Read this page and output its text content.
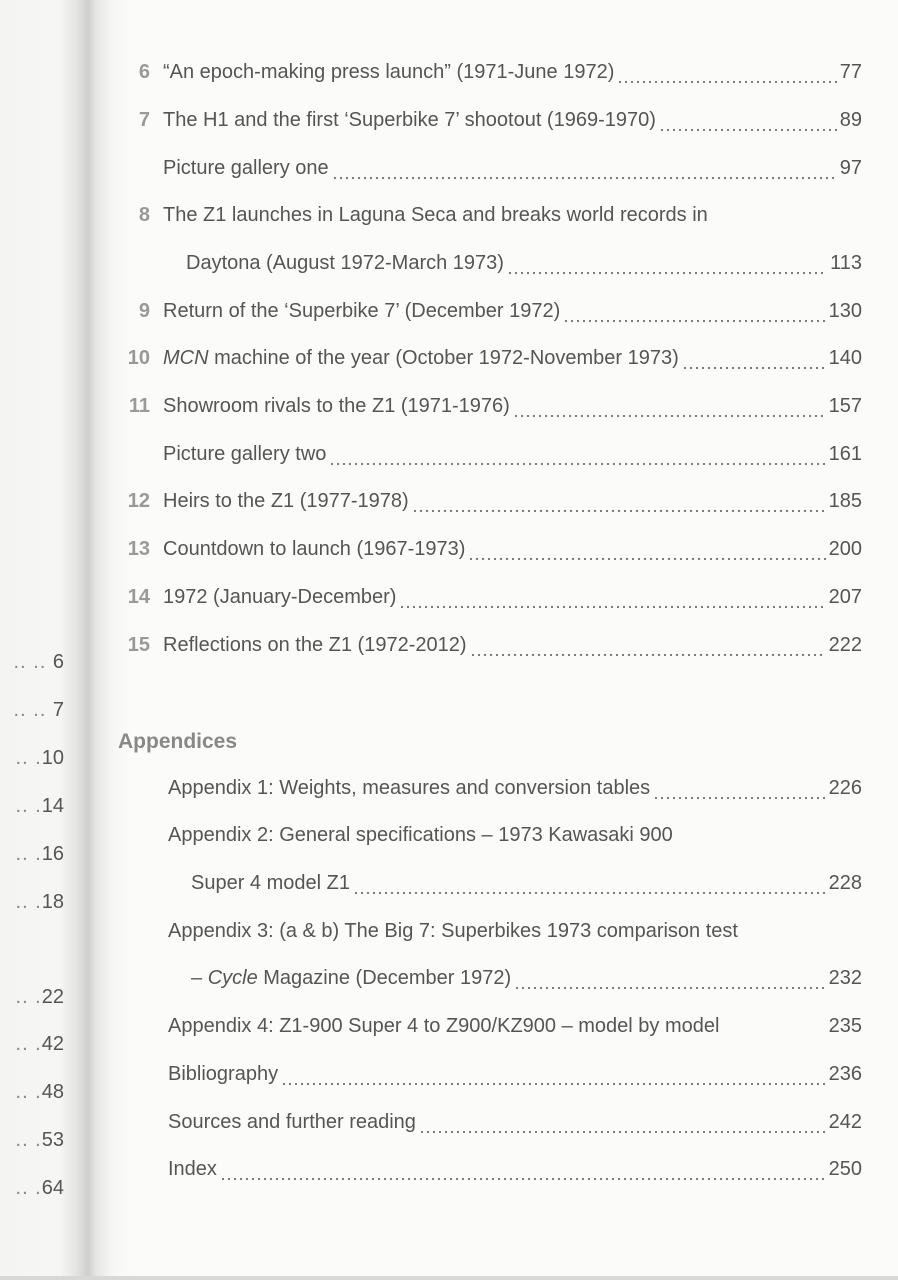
.. .. 6
.. .. 7
.. .10
.. .14
.. .16
.. .18
.. .22
.. .42
.. .48
.. .53
.. .64
6 “An epoch-making press launch” (1971-June 1972)	77
7 The H1 and the first ‘Superbike 7’ shootout (1969-1970)	89
Picture gallery one	97
8 The Z1 launches in Laguna Seca and breaks world records in
Daytona (August 1972-March 1973)	113
9 Return of the ‘Superbike 7’ (December 1972)	130
10 MCN machine of the year (October 1972-November 1973)	140
11 Showroom rivals to the Z1 (1971-1976)	157
Picture gallery two	161
12 Heirs to the Z1 (1977-1978)	185
13 Countdown to launch (1967-1973)	200
14 1972 (January-December)	207
15 Reflections on the Z1 (1972-2012)	222
Appendices
Appendix 1: Weights, measures and conversion tables	226
Appendix 2: General specifications – 1973 Kawasaki 900
Super 4 model Z1	228
Appendix 3: (a & b) The Big 7: Superbikes 1973 comparison test
– Cycle Magazine (December 1972)	232
Appendix 4: Z1-900 Super 4 to Z900/KZ900 – model by model	235
Bibliography	236
Sources and further reading	242
Index	250
